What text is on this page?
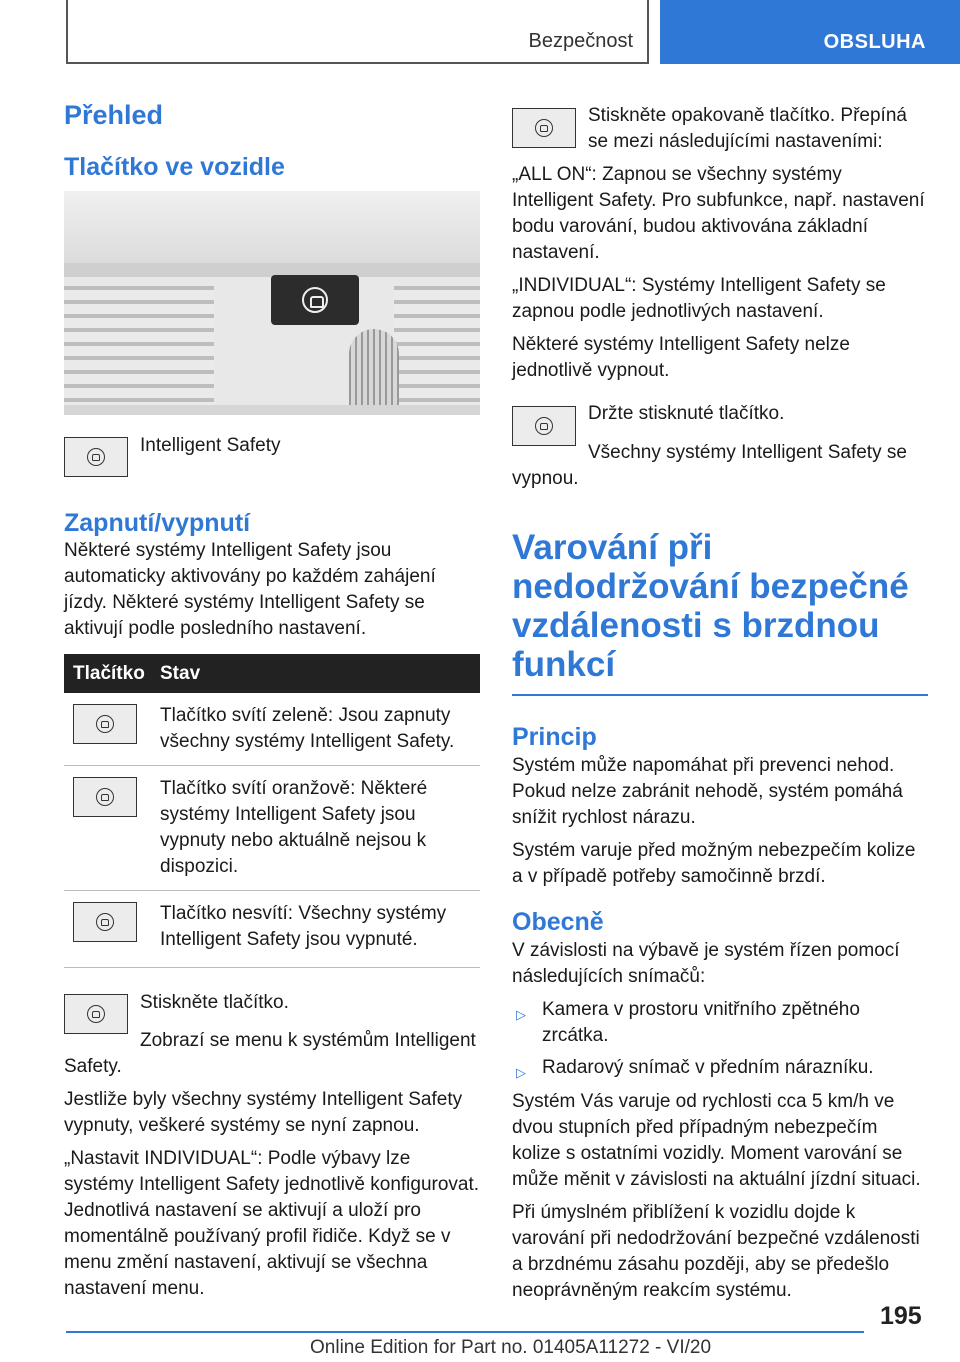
Bezpečnost	OBSLUHA
Přehled
Tlačítko ve vozidle

Intelligent Safety

Zapnutí/vypnutí

Některé systémy Intelligent Safety jsou automaticky aktivovány po každém zahájení jízdy. Některé systémy Intelligent Safety se aktivují podle posledního nastavení.

Tlačítko	Stav

	Tlačítko svítí zeleně: Jsou zapnuty všechny systémy Intelligent Safety.

	Tlačítko svítí oranžově: Některé systémy Intelligent Safety jsou vypnuty nebo aktuálně nejsou k dispozici.

	Tlačítko nesvítí: Všechny systémy Intelligent Safety jsou vypnuté.

Stiskněte tlačítko.

Zobrazí se menu k systémům Intelligent Safety.

Jestliže byly všechny systémy Intelligent Safety vypnuty, veškeré systémy se nyní zapnou.

„Nastavit INDIVIDUAL“: Podle výbavy lze systémy Intelligent Safety jednotlivě konfigurovat. Jednotlivá nastavení se aktivují a uloží pro momentálně používaný profil řidiče. Když se v menu změní nastavení, aktivují se všechna nastavení menu.

Stiskněte opakovaně tlačítko. Přepíná se mezi následujícími nastaveními:

„ALL ON“: Zapnou se všechny systémy Intelligent Safety. Pro subfunkce, např. nastavení bodu varování, budou aktivována základní nastavení.

„INDIVIDUAL“: Systémy Intelligent Safety se zapnou podle jednotlivých nastavení.

Některé systémy Intelligent Safety nelze jednotlivě vypnout.

Držte stisknuté tlačítko.

Všechny systémy Intelligent Safety se vypnou.

Varování při nedodržování bezpečné vzdálenosti s brzdnou funkcí
Princip

Systém může napomáhat při prevenci nehod. Pokud nelze zabránit nehodě, systém pomáhá snížit rychlost nárazu.

Systém varuje před možným nebezpečím kolize a v případě potřeby samočinně brzdí.

Obecně

V závislosti na výbavě je systém řízen pomocí následujících snímačů:

▷ Kamera v prostoru vnitřního zpětného zrcátka.
▷ Radarový snímač v předním nárazníku.

Systém Vás varuje od rychlosti cca 5 km/h ve dvou stupních před případným nebezpečím kolize s ostatními vozidly. Moment varování se může měnit v závislosti na aktuální jízdní situaci.

Při úmyslném přiblížení k vozidlu dojde k varování při nedodržování bezpečné vzdálenosti a brzdnému zásahu později, aby se předešlo neoprávněným reakcím systému.

195
Online Edition for Part no. 01405A11272 - VI/20
